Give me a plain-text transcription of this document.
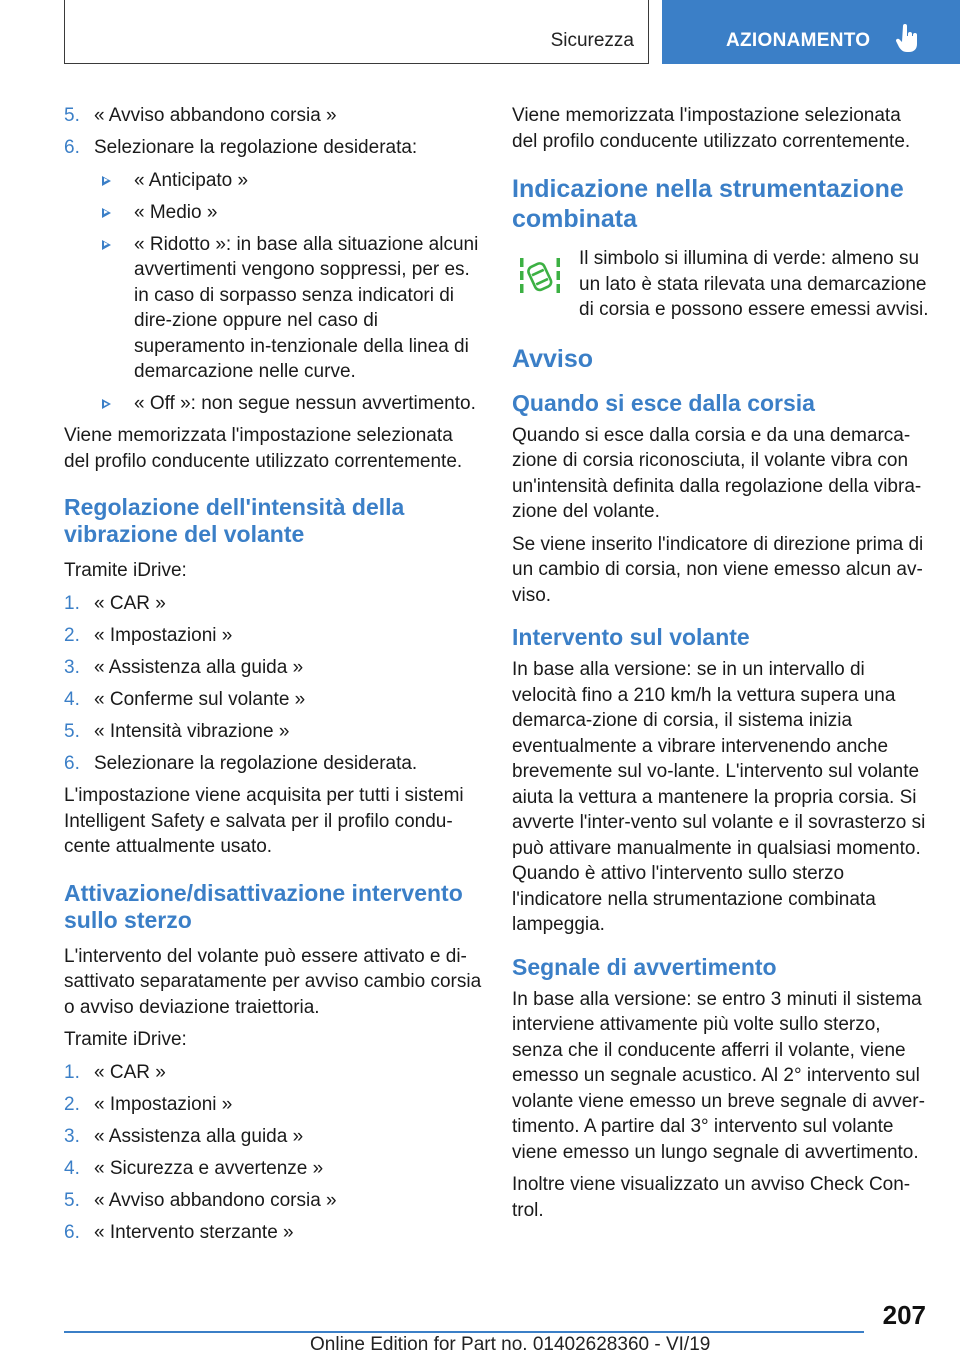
Sicurezza	AZIONAMENTO
5. « Avviso abbandono corsia »
6. Selezionare la regolazione desiderata:
« Anticipato »
« Medio »
« Ridotto »: in base alla situazione alcuni avvertimenti vengono soppressi, per es. in caso di sorpasso senza indicatori di dire‐zione oppure nel caso di superamento in‐tenzionale della linea di demarcazione nelle curve.
« Off »: non segue nessun avvertimento.

Viene memorizzata l'impostazione selezionata del profilo conducente utilizzato correntemente.

Regolazione dell'intensità della vibrazione del volante

Tramite iDrive:

1. « CAR »
2. « Impostazioni »
3. « Assistenza alla guida »
4. « Conferme sul volante »
5. « Intensità vibrazione »
6. Selezionare la regolazione desiderata.

L'impostazione viene acquisita per tutti i sistemi Intelligent Safety e salvata per il profilo condu‐cente attualmente usato.

Attivazione/disattivazione intervento sullo sterzo

L'intervento del volante può essere attivato e di‐sattivato separatamente per avviso cambio corsia o avviso deviazione traiettoria.

Tramite iDrive:

1. « CAR »
2. « Impostazioni »
3. « Assistenza alla guida »
4. « Sicurezza e avvertenze »
5. « Avviso abbandono corsia »
6. « Intervento sterzante »

Viene memorizzata l'impostazione selezionata del profilo conducente utilizzato correntemente.

Indicazione nella strumentazione combinata

Il simbolo si illumina di verde: almeno su un lato è stata rilevata una demarcazione di corsia e possono essere emessi avvisi.

Avviso
Quando si esce dalla corsia

Quando si esce dalla corsia e da una demarca‐zione di corsia riconosciuta, il volante vibra con un'intensità definita dalla regolazione della vibra‐zione del volante.

Se viene inserito l'indicatore di direzione prima di un cambio di corsia, non viene emesso alcun av‐viso.

Intervento sul volante

In base alla versione: se in un intervallo di velocità fino a 210 km/h la vettura supera una demarca‐zione di corsia, il sistema inizia eventualmente a vibrare intervenendo anche brevemente sul vo‐lante. L'intervento sul volante aiuta la vettura a mantenere la propria corsia. Si avverte l'inter‐vento sul volante e il sovrasterzo si può attivare manualmente in qualsiasi momento. Quando è attivo l'intervento sullo sterzo l'indicatore nella strumentazione combinata lampeggia.

Segnale di avvertimento

In base alla versione: se entro 3 minuti il sistema interviene attivamente più volte sullo sterzo, senza che il conducente afferri il volante, viene emesso un segnale acustico. Al 2° intervento sul volante viene emesso un breve segnale di avver‐timento. A partire dal 3° intervento sul volante viene emesso un lungo segnale di avvertimento.

Inoltre viene visualizzato un avviso Check Con‐trol.

207
Online Edition for Part no. 01402628360 - VI/19
